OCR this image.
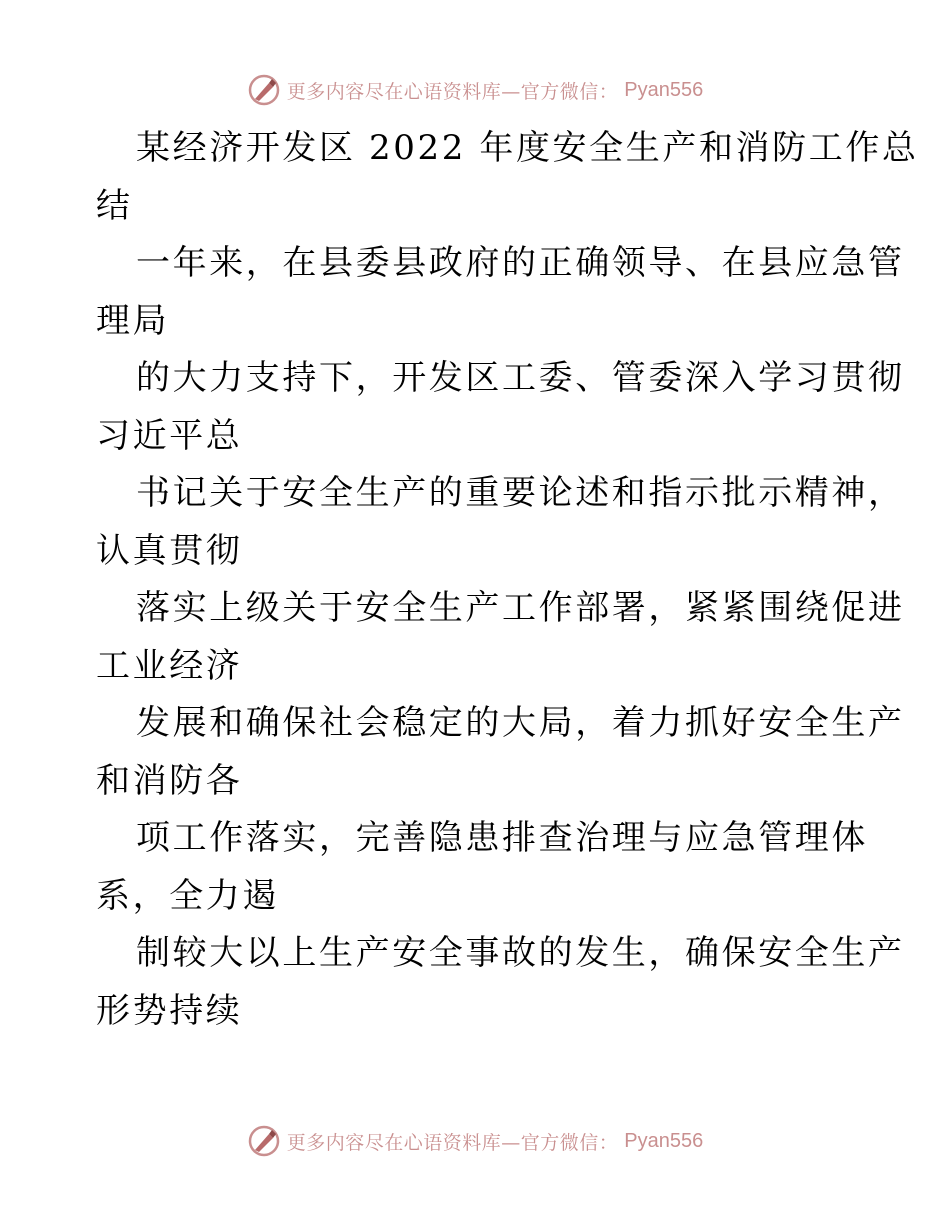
更多内容尽在心语资料库—官方微信： Pyan556
某经济开发区 2022 年度安全生产和消防工作总
结
一年来，在县委县政府的正确领导、在县应急管
理局
的大力支持下，开发区工委、管委深入学习贯彻
习近平总
书记关于安全生产的重要论述和指示批示精神，
认真贯彻
落实上级关于安全生产工作部署，紧紧围绕促进
工业经济
发展和确保社会稳定的大局，着力抓好安全生产
和消防各
项工作落实，完善隐患排查治理与应急管理体
系，全力遏
制较大以上生产安全事故的发生，确保安全生产
形势持续
更多内容尽在心语资料库—官方微信： Pyan556
